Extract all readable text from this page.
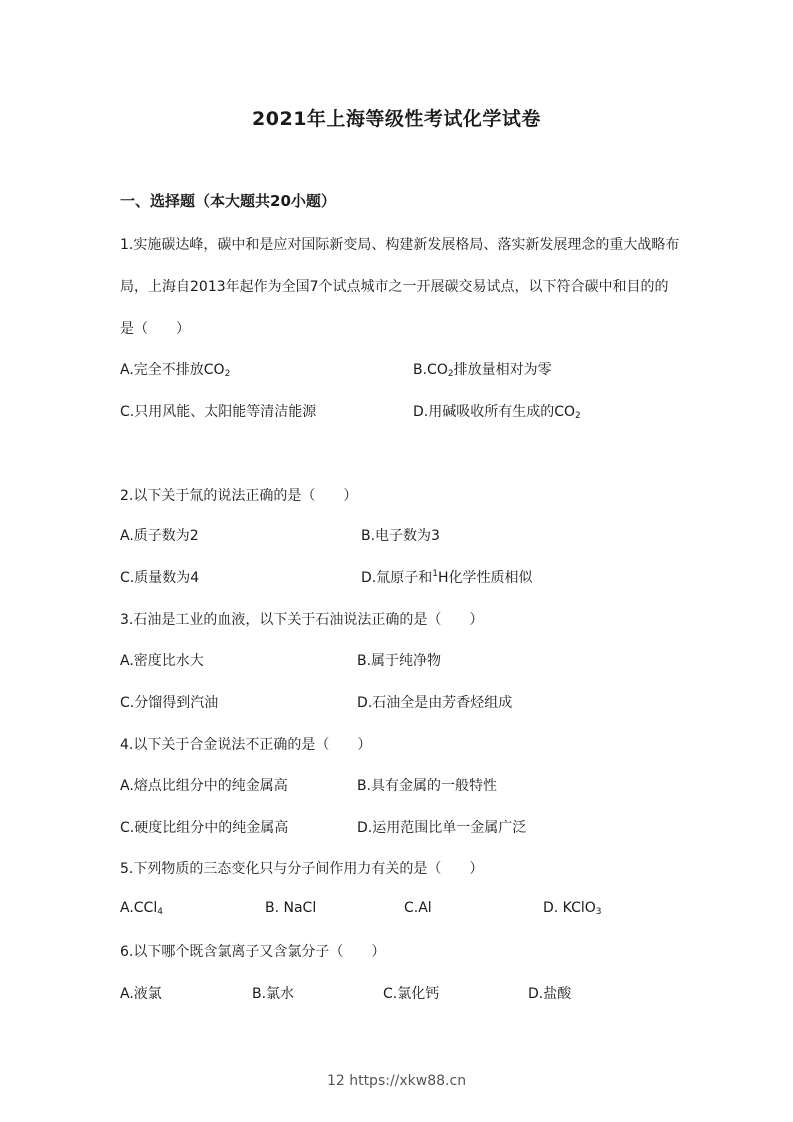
2021年上海等级性考试化学试卷
一、选择题（本大题共20小题）
1.实施碳达峰，碳中和是应对国际新变局、构建新发展格局、落实新发展理念的重大战略布
局，上海自2013年起作为全国7个试点城市之一开展碳交易试点，以下符合碳中和目的的
是（　　）
A.完全不排放$CO_2$	$B.CO_2$排放量相对为零
C.只用风能、太阳能等清洁能源	D.用碱吸收所有生成的$CO_2$
2.以下关于氚的说法正确的是（　　）
A.质子数为2	B.电子数为3
C.质量数为4	D.氚原子和$^1$H化学性质相似
3.石油是工业的血液，以下关于石油说法正确的是（　　）
A.密度比水大	B.属于纯净物
C.分馏得到汽油	D.石油全是由芳香烃组成
4.以下关于合金说法不正确的是（　　）
A.熔点比组分中的纯金属高	B.具有金属的一般特性
C.硬度比组分中的纯金属高	D.运用范围比单一金属广泛
5.下列物质的三态变化只与分子间作用力有关的是（　　）
A.CCl$_4$	B. NaCl	C.Al	D. KClO$_3$
6.以下哪个既含氯离子又含氯分子（　　）
A.液氯	B.氯水	C.氯化钙	D.盐酸
12 https://xkw88.cn
